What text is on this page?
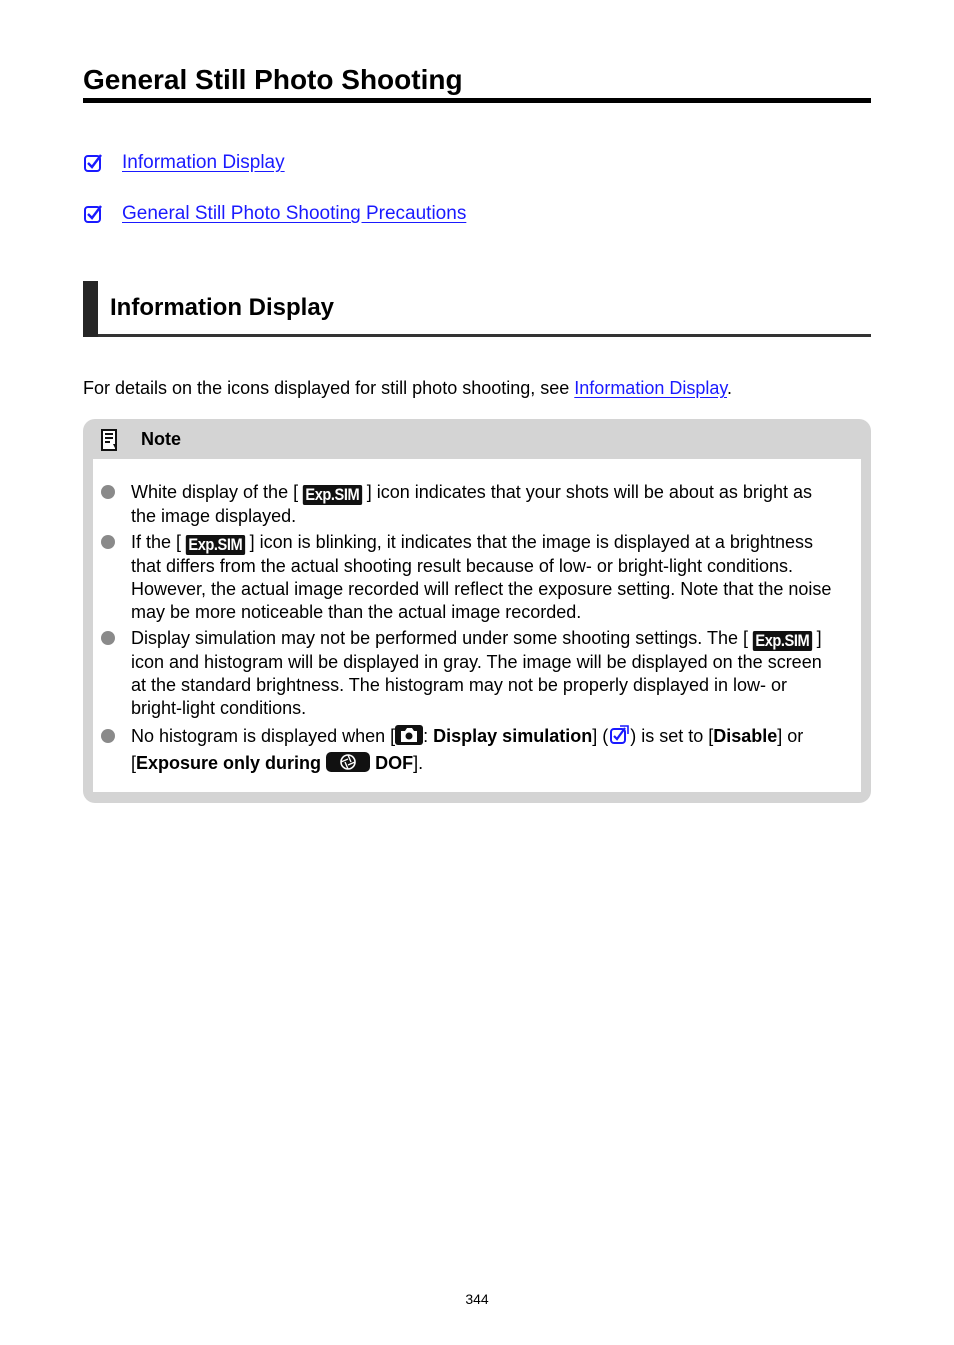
General Still Photo Shooting
Information Display
General Still Photo Shooting Precautions
Information Display

For details on the icons displayed for still photo shooting, see Information Display.

Note
White display of the [ Exp.SIM ] icon indicates that your shots will be about as bright as the image displayed.
If the [ Exp.SIM ] icon is blinking, it indicates that the image is displayed at a brightness that differs from the actual shooting result because of low- or bright-light conditions. However, the actual image recorded will reflect the exposure setting. Note that the noise may be more noticeable than the actual image recorded.
Display simulation may not be performed under some shooting settings. The [ Exp.SIM ] icon and histogram will be displayed in gray. The image will be displayed on the screen at the standard brightness. The histogram may not be properly displayed in low- or bright-light conditions.
No histogram is displayed when [ : Display simulation] ( ) is set to [Disable] or [Exposure only during	DOF].
344
